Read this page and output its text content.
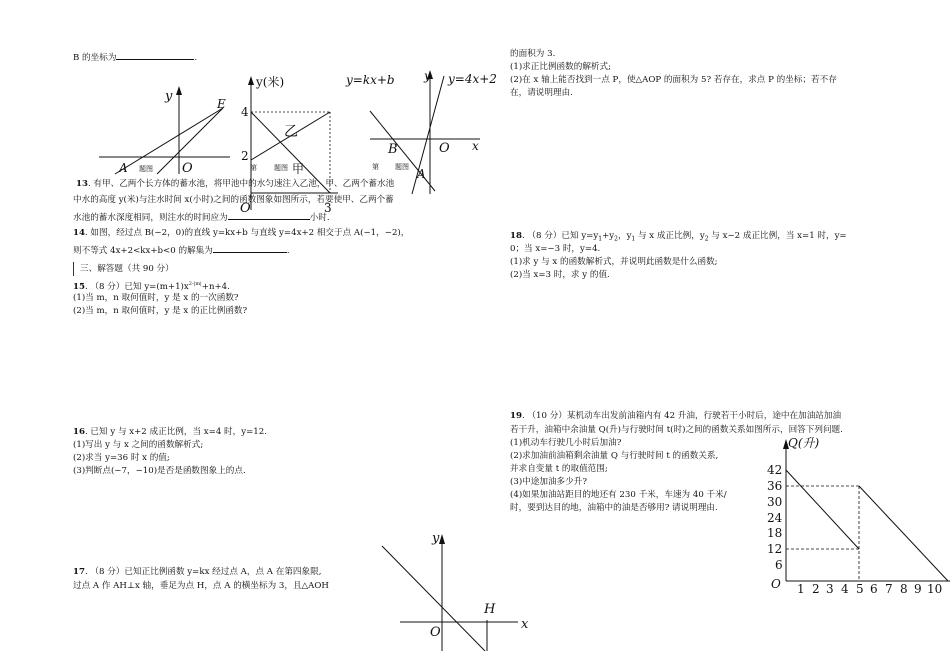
B 的坐标为	.
y	E
A	O
题图
y(米)
4
2
3
乙
甲
O
第 题图
y=kx+b	y=4x+2
y
B	O x
A
第 题图
13. 有甲、乙两个长方体的蓄水池，将甲池中的水匀速注入乙池，甲、乙两个蓄水池
中水的高度 y(米)与注水时间 x(小时)之间的函数图象如图所示，若要使甲、乙两个蓄
水池的蓄水深度相同，则注水的时间应为	小时.
14. 如图，经过点 B(−2，0)的直线 y=kx+b 与直线 y=4x+2 相交于点 A(−1，−2)，
则不等式 4x+2<kx+b<0 的解集为	.
三、解答题（共 90 分）
15. （8 分）已知 $y=(m+1)x^{2-|m|}+n+4$.
(1)当 m，n 取何值时，y 是 x 的一次函数?
(2)当 m，n 取何值时，y 是 x 的正比例函数?
16. 已知 y 与 x+2 成正比例，当 x=4 时，y=12.
(1)写出 y 与 x 之间的函数解析式;
(2)求当 y=36 时 x 的值;
(3)判断点(−7，−10)是否是函数图象上的点.
17. （8 分）已知正比例函数 y=kx 经过点 A，点 A 在第四象限,
过点 A 作 AH⊥x 轴，垂足为点 H，点 A 的横坐标为 3，且△AOH
y
H
O
x
的面积为 3.
(1)求正比例函数的解析式;
(2)在 x 轴上能否找到一点 P，使△AOP 的面积为 5? 若存在，求点 P 的坐标；若不存
在，请说明理由.
18. （8 分）已知 $y=y_1+y_2$，$y_1$ 与 x 成正比例，$y_2$ 与 x−2 成正比例，当 x=1 时，y=
0；当 x=−3 时，y=4.
(1)求 y 与 x 的函数解析式，并说明此函数是什么函数;
(2)当 x=3 时，求 y 的值.
19. （10 分）某机动车出发前油箱内有 42 升油，行驶若干小时后，途中在加油站加油
若干升，油箱中余油量 Q(升)与行驶时间 t(时)之间的函数关系如图所示，回答下列问题.
(1)机动车行驶几小时后加油?
(2)求加油前油箱剩余油量 Q 与行驶时间 t 的函数关系,
并求自变量 t 的取值范围;
(3)中途加油多少升?
(4)如果加油站距目的地还有 230 千米，车速为 40 千米/
时，要到达目的地，油箱中的油是否够用? 请说明理由.
Q(升)
O
42
36
30
24
18
12
6
1 2 3 4 5 6 7 8 9 10
